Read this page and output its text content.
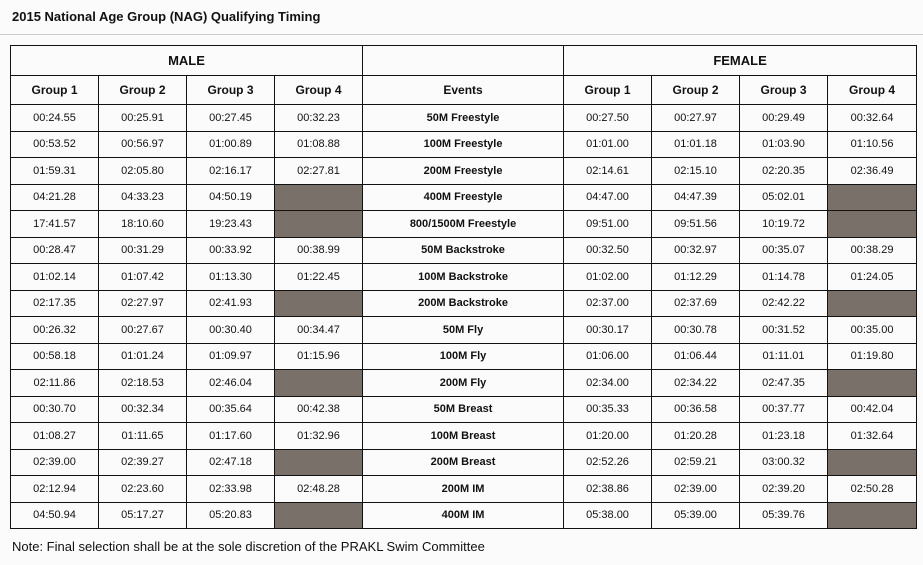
2015 National Age Group (NAG) Qualifying Timing
MALE					FEMALE			
Group 1	Group 2	Group 3	Group 4	Events	Group 1	Group 2	Group 3	Group 4
00:24.55	00:25.91	00:27.45	00:32.23	50M Freestyle	00:27.50	00:27.97	00:29.49	00:32.64
00:53.52	00:56.97	01:00.89	01:08.88	100M Freestyle	01:01.00	01:01.18	01:03.90	01:10.56
01:59.31	02:05.80	02:16.17	02:27.81	200M Freestyle	02:14.61	02:15.10	02:20.35	02:36.49
04:21.28	04:33.23	04:50.19		400M Freestyle	04:47.00	04:47.39	05:02.01	
17:41.57	18:10.60	19:23.43		800/1500M Freestyle	09:51.00	09:51.56	10:19.72	
00:28.47	00:31.29	00:33.92	00:38.99	50M Backstroke	00:32.50	00:32.97	00:35.07	00:38.29
01:02.14	01:07.42	01:13.30	01:22.45	100M Backstroke	01:02.00	01:12.29	01:14.78	01:24.05
02:17.35	02:27.97	02:41.93		200M Backstroke	02:37.00	02:37.69	02:42.22	
00:26.32	00:27.67	00:30.40	00:34.47	50M Fly	00:30.17	00:30.78	00:31.52	00:35.00
00:58.18	01:01.24	01:09.97	01:15.96	100M Fly	01:06.00	01:06.44	01:11.01	01:19.80
02:11.86	02:18.53	02:46.04		200M Fly	02:34.00	02:34.22	02:47.35	
00:30.70	00:32.34	00:35.64	00:42.38	50M Breast	00:35.33	00:36.58	00:37.77	00:42.04
01:08.27	01:11.65	01:17.60	01:32.96	100M Breast	01:20.00	01:20.28	01:23.18	01:32.64
02:39.00	02:39.27	02:47.18		200M Breast	02:52.26	02:59.21	03:00.32	
02:12.94	02:23.60	02:33.98	02:48.28	200M IM	02:38.86	02:39.00	02:39.20	02:50.28
04:50.94	05:17.27	05:20.83		400M IM	05:38.00	05:39.00	05:39.76	
Note: Final selection shall be at the sole discretion of the PRAKL Swim Committee
